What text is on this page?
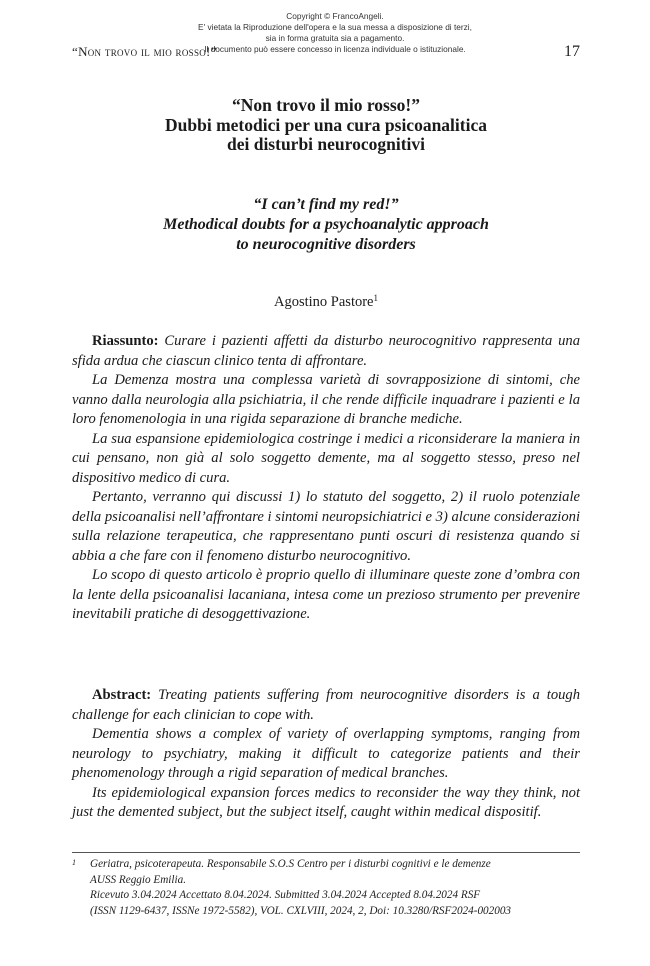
Copyright © FrancoAngeli.
E' vietata la Riproduzione dell'opera e la sua messa a disposizione di terzi,
sia in forma gratuita sia a pagamento.
Il documento può essere concesso in licenza individuale o istituzionale.
“Non trovo il mio rosso!”	17
“Non trovo il mio rosso!”
Dubbi metodici per una cura psicoanalitica
dei disturbi neurocognitivi
“I can’t find my red!”
Methodical doubts for a psychoanalytic approach
to neurocognitive disorders
Agostino Pastore$^1$

Riassunto: Curare i pazienti affetti da disturbo neurocognitivo rappresenta una sfida ardua che ciascun clinico tenta di affrontare.

La Demenza mostra una complessa varietà di sovrapposizione di sintomi, che vanno dalla neurologia alla psichiatria, il che rende difficile inquadrare i pazienti e la loro fenomenologia in una rigida separazione di branche mediche.

La sua espansione epidemiologica costringe i medici a riconsiderare la maniera in cui pensano, non già al solo soggetto demente, ma al soggetto stesso, preso nel dispositivo medico di cura.

Pertanto, verranno qui discussi 1) lo statuto del soggetto, 2) il ruolo potenziale della psicoanalisi nell’affrontare i sintomi neuropsichiatrici e 3) alcune considerazioni sulla relazione terapeutica, che rappresentano punti oscuri di resistenza quando si abbia a che fare con il fenomeno disturbo neurocognitivo.

Lo scopo di questo articolo è proprio quello di illuminare queste zone d’ombra con la lente della psicoanalisi lacaniana, intesa come un prezioso strumento per prevenire inevitabili pratiche di desoggettivazione.

Abstract: Treating patients suffering from neurocognitive disorders is a tough challenge for each clinician to cope with.

Dementia shows a complex of variety of overlapping symptoms, ranging from neurology to psychiatry, making it difficult to categorize patients and their phenomenology through a rigid separation of medical branches.

Its epidemiological expansion forces medics to reconsider the way they think, not just the demented subject, but the subject itself, caught within medical dispositif.

1 Geriatra, psicoterapeuta. Responsabile S.O.S Centro per i disturbi cognitivi e le demenze
AUSS Reggio Emilia.
Ricevuto 3.04.2024 Accettato 8.04.2024. Submitted 3.04.2024 Accepted 8.04.2024 RSF
(ISSN 1129-6437, ISSNe 1972-5582), VOL. CXLVIII, 2024, 2, Doi: 10.3280/RSF2024-002003
